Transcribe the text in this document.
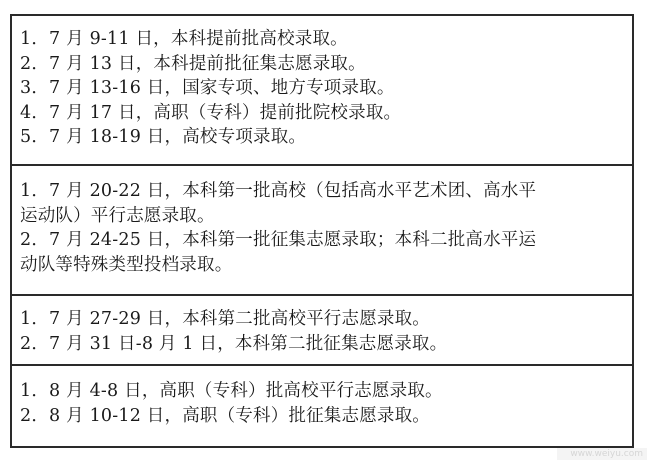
1．7 月 9-11 日，本科提前批高校录取。
2．7 月 13 日，本科提前批征集志愿录取。
3．7 月 13-16 日，国家专项、地方专项录取。
4．7 月 17 日，高职（专科）提前批院校录取。
5．7 月 18-19 日，高校专项录取。
1．7 月 20-22 日，本科第一批高校（包括高水平艺术团、高水平
运动队）平行志愿录取。
2．7 月 24-25 日，本科第一批征集志愿录取；本科二批高水平运
动队等特殊类型投档录取。
1．7 月 27-29 日，本科第二批高校平行志愿录取。
2．7 月 31 日-8 月 1 日，本科第二批征集志愿录取。
1．8 月 4-8 日，高职（专科）批高校平行志愿录取。
2．8 月 10-12 日，高职（专科）批征集志愿录取。
www.weiyu.com
